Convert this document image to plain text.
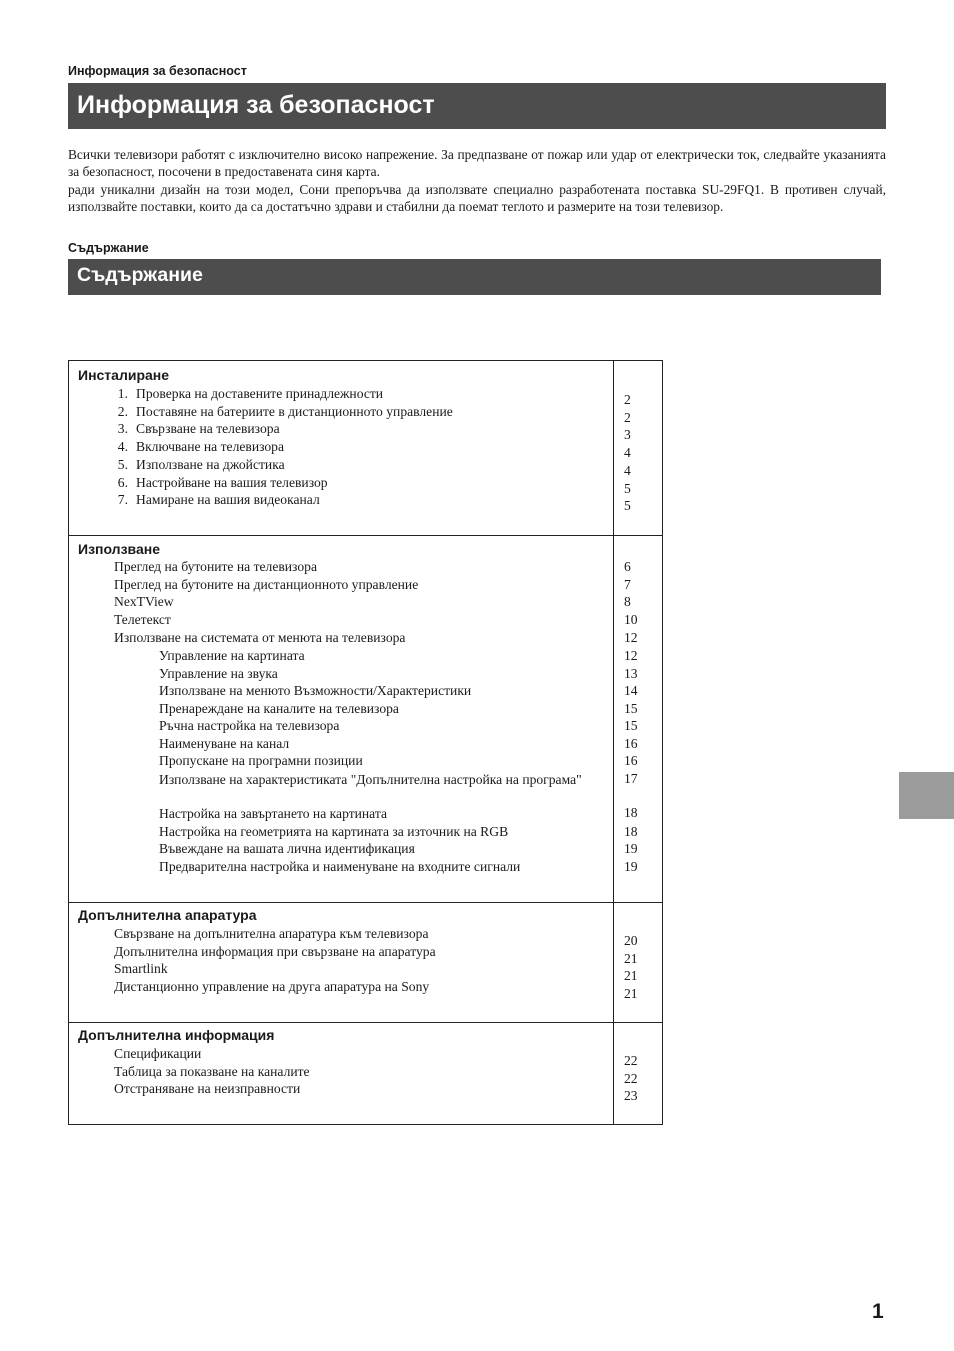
Информация за безопасност
Информация за безопасност

Всички телевизори работят с изключително високо напрежение. За предпазване от пожар или удар от електрически ток, следвайте указанията за безопасност, посочени в предоставената синя карта.

ради уникални дизайн на този модел, Сони препоръчва да използвате специално разработената поставка SU-29FQ1. В противен случай, използвайте поставки, които да са достатъчно здрави и стабилни да поемат теглото и размерите на този телевизор.

Съдържание
Съдържание
Инсталиране
Използване
Допълнителна апаратура
Допълнителна информация
1. Проверка на доставените принадлежности	2
2. Поставяне на батериите в дистанционното управление	2
3. Свързване на телевизора	3
4. Включване на телевизора	4
5. Използване на джойстика	4
6. Настройване на вашия телевизор	5
7. Намиране на вашия видеоканал	5
Преглед на бутоните на телевизора	6
Преглед на бутоните на дистанционното управление	7
NexTView	8
Телетекст	10
Използване на системата от менюта на телевизора	12
Управление на картината	12
Управление на звука	13
Използване на менюто Възможности/Характеристики	14
Пренареждане на каналите на телевизора	15
Ръчна настройка на телевизора	15
Наименуване на канал	16
Пропускане на програмни позиции	16
Използване на характеристиката "Допълнителна настройка на програма"	17
Настройка на завъртането на картината	18
Настройка на геометрията на картината за източник на RGB	18
Въвеждане на вашата лична идентификация	19
Предварителна настройка и наименуване на входните сигнали	19
Свързване на допълнителна апаратура към телевизора	20
Допълнителна информация при свързване на апаратура	21
Smartlink	21
Дистанционно управление на друга апаратура на Sony	21
Спецификации	22
Таблица за показване на каналите	22
Отстраняване на неизправности	23
1
